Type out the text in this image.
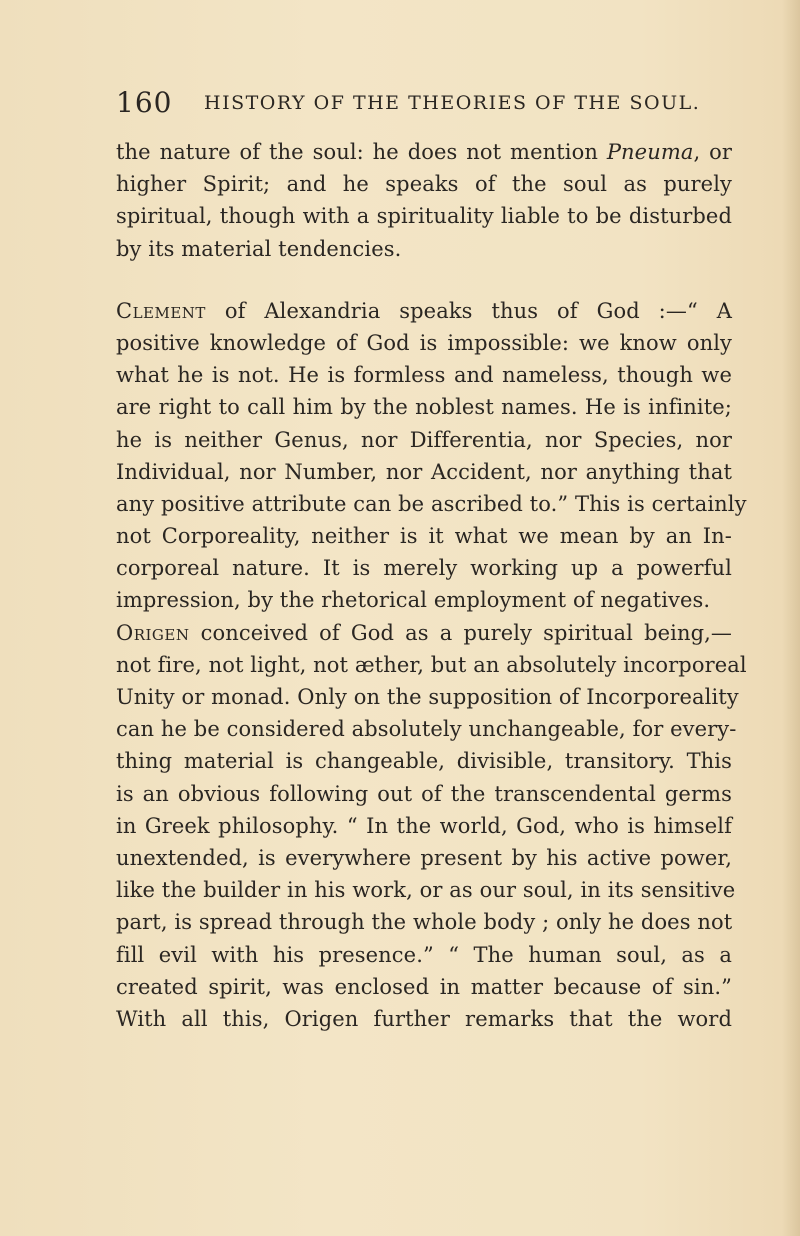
160 HISTORY OF THE THEORIES OF THE SOUL.
the nature of the soul: he does not mention Pneuma, or
higher Spirit; and he speaks of the soul as purely
spiritual, though with a spirituality liable to be disturbed
by its material tendencies.
Clement of Alexandria speaks thus of God :—“ A
positive knowledge of God is impossible: we know only
what he is not. He is formless and nameless, though we
are right to call him by the noblest names. He is infinite;
he is neither Genus, nor Differentia, nor Species, nor
Individual, nor Number, nor Accident, nor anything that
any positive attribute can be ascribed to.” This is certainly
not Corporeality, neither is it what we mean by an In-
corporeal nature. It is merely working up a powerful
impression, by the rhetorical employment of negatives.
Origen conceived of God as a purely spiritual being,—
not fire, not light, not æther, but an absolutely incorporeal
Unity or monad. Only on the supposition of Incorporeality
can he be considered absolutely unchangeable, for every-
thing material is changeable, divisible, transitory. This
is an obvious following out of the transcendental germs
in Greek philosophy. “ In the world, God, who is himself
unextended, is everywhere present by his active power,
like the builder in his work, or as our soul, in its sensitive
part, is spread through the whole body ; only he does not
fill evil with his presence.” “ The human soul, as a
created spirit, was enclosed in matter because of sin.”
With all this, Origen further remarks that the word
